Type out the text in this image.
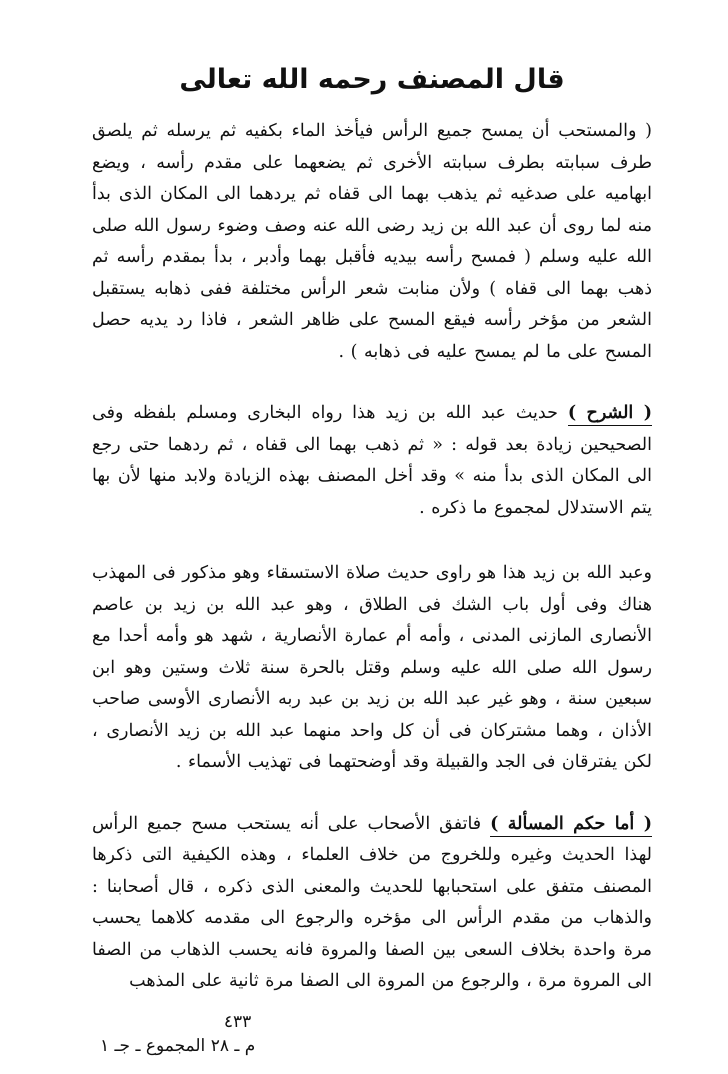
قال المصنف رحمه الله تعالى

( والمستحب أن يمسح جميع الرأس فيأخذ الماء بكفيه ثم يرسله ثم يلصق طرف سبابته بطرف سبابته الأخرى ثم يضعهما على مقدم رأسه ، ويضع ابهاميه على صدغيه ثم يذهب بهما الى قفاه ثم يردهما الى المكان الذى بدأ منه لما روى أن عبد الله بن زيد رضى الله عنه وصف وضوء رسول الله صلى الله عليه وسلم ( فمسح رأسه بيديه فأقبل بهما وأدبر ، بدأ بمقدم رأسه ثم ذهب بهما الى قفاه ) ولأن منابت شعر الرأس مختلفة ففى ذهابه يستقبل الشعر من مؤخر رأسه فيقع المسح على ظاهر الشعر ، فاذا رد يديه حصل المسح على ما لم يمسح عليه فى ذهابه ) .

( الشرح ) حديث عبد الله بن زيد هذا رواه البخارى ومسلم بلفظه وفى الصحيحين زيادة بعد قوله : « ثم ذهب بهما الى قفاه ، ثم ردهما حتى رجع الى المكان الذى بدأ منه » وقد أخل المصنف بهذه الزيادة ولابد منها لأن بها يتم الاستدلال لمجموع ما ذكره .

وعبد الله بن زيد هذا هو راوى حديث صلاة الاستسقاء وهو مذكور فى المهذب هناك وفى أول باب الشك فى الطلاق ، وهو عبد الله بن زيد بن عاصم الأنصارى المازنى المدنى ، وأمه أم عمارة الأنصارية ، شهد هو وأمه أحدا مع رسول الله صلى الله عليه وسلم وقتل بالحرة سنة ثلاث وستين وهو ابن سبعين سنة ، وهو غير عبد الله بن زيد بن عبد ربه الأنصارى الأوسى صاحب الأذان ، وهما مشتركان فى أن كل واحد منهما عبد الله بن زيد الأنصارى ، لكن يفترقان فى الجد والقبيلة وقد أوضحتهما فى تهذيب الأسماء .

( أما حكم المسألة ) فاتفق الأصحاب على أنه يستحب مسح جميع الرأس لهذا الحديث وغيره وللخروج من خلاف العلماء ، وهذه الكيفية التى ذكرها المصنف متفق على استحبابها للحديث والمعنى الذى ذكره ، قال أصحابنا : والذهاب من مقدم الرأس الى مؤخره والرجوع الى مقدمه كلاهما يحسب مرة واحدة بخلاف السعى بين الصفا والمروة فانه يحسب الذهاب من الصفا الى المروة مرة ، والرجوع من المروة الى الصفا مرة ثانية على المذهب

٤٣٣
م ـ ٢٨ المجموع ـ جـ ١
